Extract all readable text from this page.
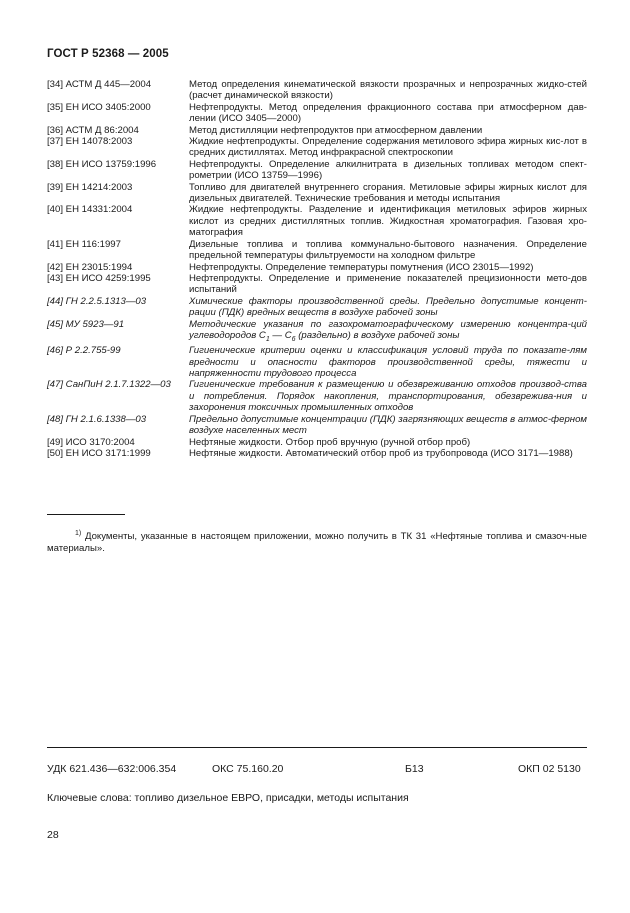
ГОСТ Р 52368 — 2005
[34] АСТМ Д 445—2004	Метод определения кинематической вязкости прозрачных и непрозрачных жидко-стей (расчет динамической вязкости)
[35] ЕН ИСО 3405:2000	Нефтепродукты. Метод определения фракционного состава при атмосферном дав-лении (ИСО 3405—2000)
[36] АСТМ Д 86:2004	Метод дистилляции нефтепродуктов при атмосферном давлении
[37] ЕН 14078:2003	Жидкие нефтепродукты. Определение содержания метилового эфира жирных кис-лот в средних дистиллятах. Метод инфракрасной спектроскопии
[38] ЕН ИСО 13759:1996	Нефтепродукты. Определение алкилнитрата в дизельных топливах методом спект-рометрии (ИСО 13759—1996)
[39] ЕН 14214:2003	Топливо для двигателей внутреннего сгорания. Метиловые эфиры жирных кислот для дизельных двигателей. Технические требования и методы испытания
[40] ЕН 14331:2004	Жидкие нефтепродукты. Разделение и идентификация метиловых эфиров жирных кислот из средних дистиллятных топлив. Жидкостная хроматография. Газовая хро-матография
[41] ЕН 116:1997	Дизельные топлива и топлива коммунально-бытового назначения. Определение предельной температуры фильтруемости на холодном фильтре
[42] ЕН 23015:1994	Нефтепродукты. Определение температуры помутнения (ИСО 23015—1992)
[43] ЕН ИСО 4259:1995	Нефтепродукты. Определение и применение показателей прецизионности мето-дов испытаний
[44] ГН 2.2.5.1313—03	Химические факторы производственной среды. Предельно допустимые концент-рации (ПДК) вредных веществ в воздухе рабочей зоны
[45] МУ 5923—91	Методические указания по газохроматографическому измерению концентра-ций углеводородов $С_1$ — $С_6$ (раздельно) в воздухе рабочей зоны
[46] Р 2.2.755-99	Гигиенические критерии оценки и классификация условий труда по показате-лям вредности и опасности факторов производственной среды, тяжести и напряженности трудового процесса
[47] СанПиН 2.1.7.1322—03	Гигиенические требования к размещению и обезвреживанию отходов производ-ства и потребления. Порядок накопления, транспортирования, обезврежива-ния и захоронения токсичных промышленных отходов
[48] ГН 2.1.6.1338—03	Предельно допустимые концентрации (ПДК) загрязняющих веществ в атмос-ферном воздухе населенных мест
[49] ИСО 3170:2004	Нефтяные жидкости. Отбор проб вручную (ручной отбор проб)
[50] ЕН ИСО 3171:1999	Нефтяные жидкости. Автоматический отбор проб из трубопровода (ИСО 3171—1988)
$^{1)}$ Документы, указанные в настоящем приложении, можно получить в ТК 31 «Нефтяные топлива и смазоч-ные материалы».
УДК 621.436—632:006.354	ОКС 75.160.20	Б13	ОКП 02 5130
Ключевые слова: топливо дизельное ЕВРО, присадки, методы испытания
28
